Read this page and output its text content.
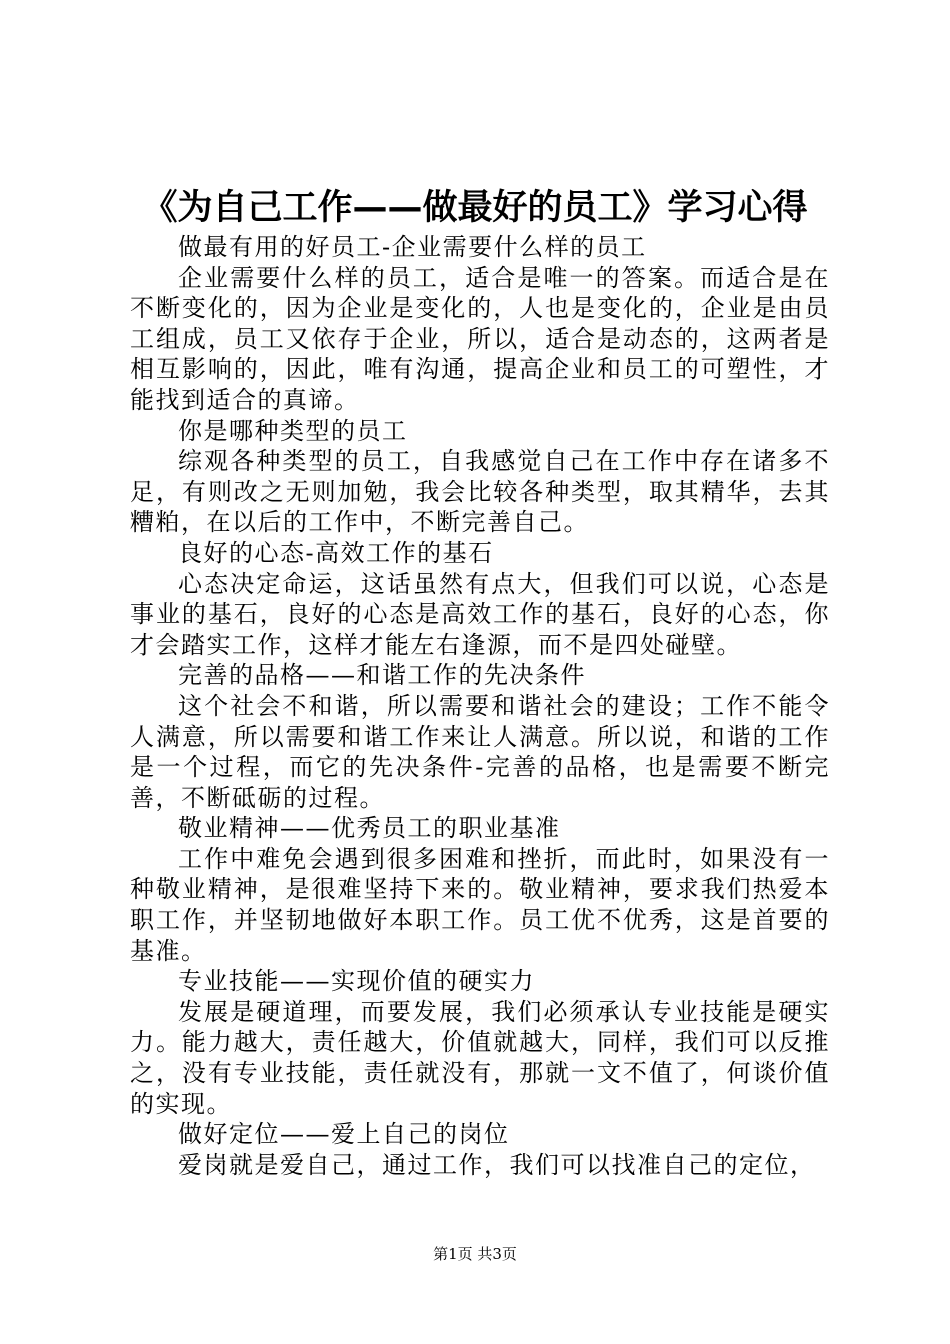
《为自己工作——做最好的员工》学习心得

做最有用的好员工-企业需要什么样的员工

企业需要什么样的员工，适合是唯一的答案。而适合是在不断变化的，因为企业是变化的，人也是变化的，企业是由员工组成，员工又依存于企业，所以，适合是动态的，这两者是相互影响的，因此，唯有沟通，提高企业和员工的可塑性，才能找到适合的真谛。

你是哪种类型的员工

综观各种类型的员工，自我感觉自己在工作中存在诸多不足，有则改之无则加勉，我会比较各种类型，取其精华，去其糟粕，在以后的工作中，不断完善自己。

良好的心态-高效工作的基石

心态决定命运，这话虽然有点大，但我们可以说，心态是事业的基石，良好的心态是高效工作的基石，良好的心态，你才会踏实工作，这样才能左右逢源，而不是四处碰壁。

完善的品格——和谐工作的先决条件

这个社会不和谐，所以需要和谐社会的建设；工作不能令人满意，所以需要和谐工作来让人满意。所以说，和谐的工作是一个过程，而它的先决条件-完善的品格，也是需要不断完善，不断砥砺的过程。

敬业精神——优秀员工的职业基准

工作中难免会遇到很多困难和挫折，而此时，如果没有一种敬业精神，是很难坚持下来的。敬业精神，要求我们热爱本职工作，并坚韧地做好本职工作。员工优不优秀，这是首要的基准。

专业技能——实现价值的硬实力

发展是硬道理，而要发展，我们必须承认专业技能是硬实力。能力越大，责任越大，价值就越大，同样，我们可以反推之，没有专业技能，责任就没有，那就一文不值了，何谈价值的实现。

做好定位——爱上自己的岗位

爱岗就是爱自己，通过工作，我们可以找准自己的定位，

第1页 共3页
